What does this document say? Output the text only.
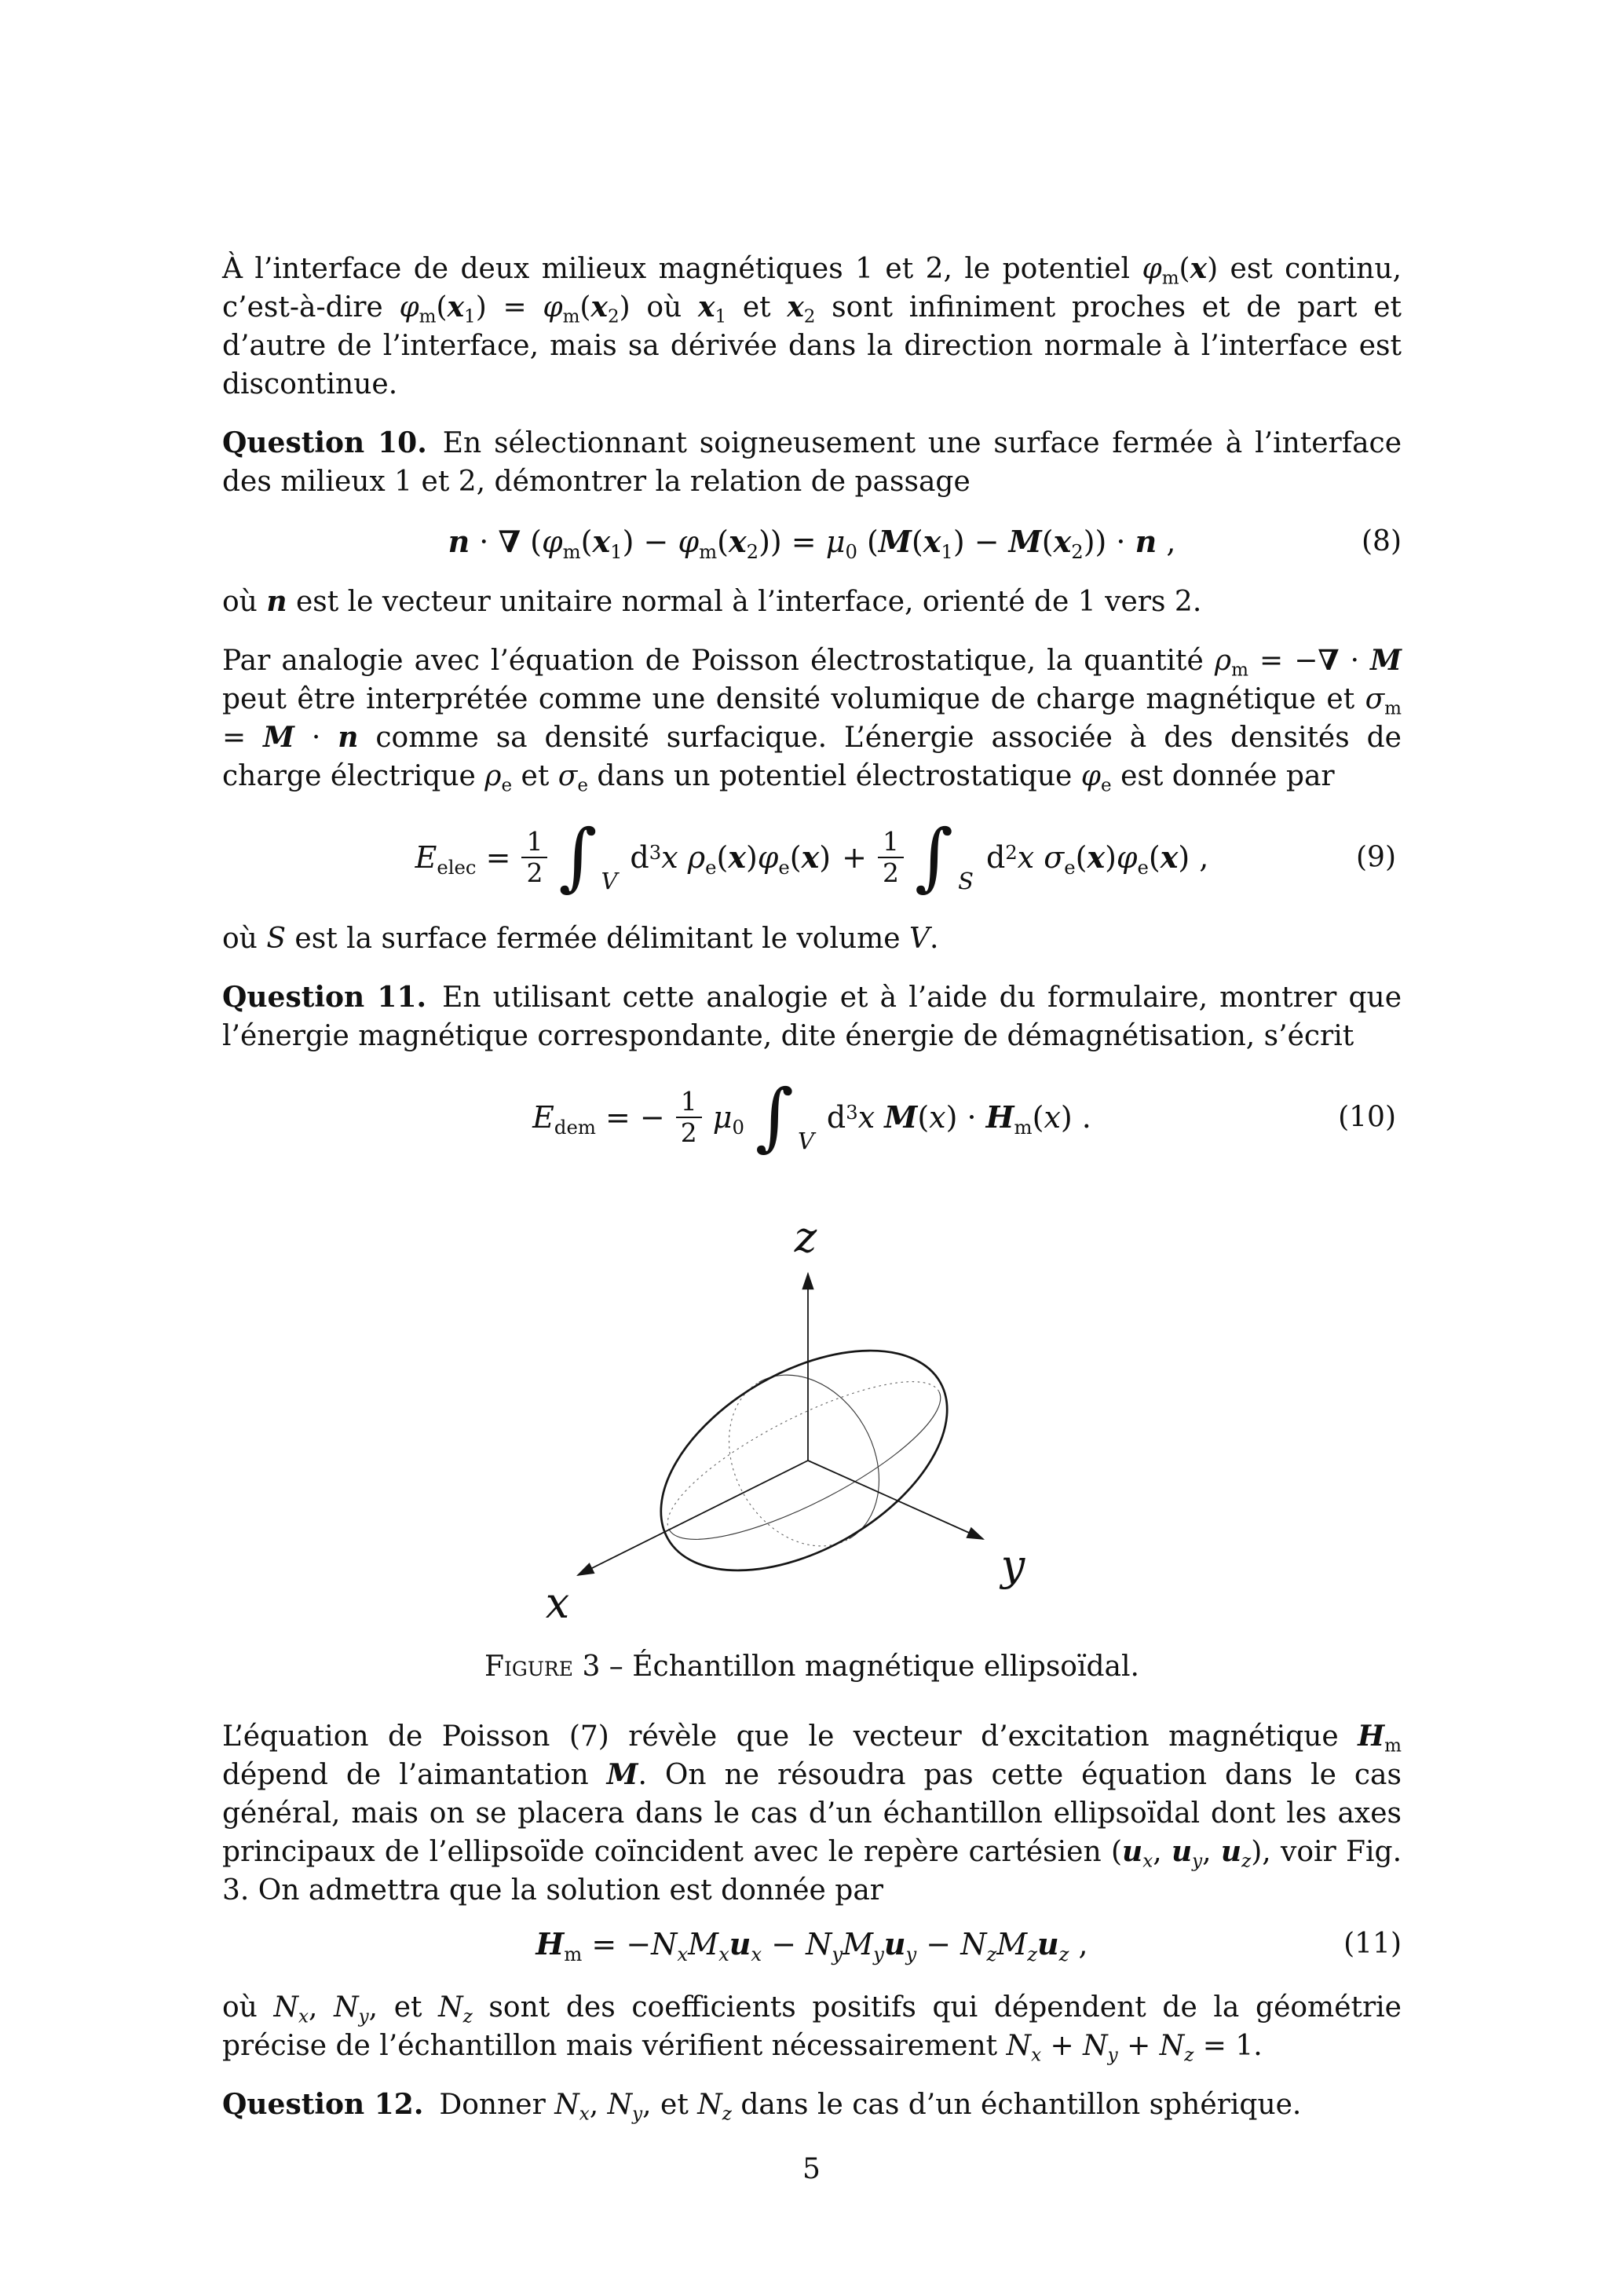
À l’interface de deux milieux magnétiques 1 et 2, le potentiel $\varphi_m(x)$ est continu, c’est-à-dire $\varphi_m(x_1) = \varphi_m(x_2)$ où $x_1$ et $x_2$ sont infiniment proches et de part et d’autre de l’interface, mais sa dérivée dans la direction normale à l’interface est discontinue.

Question 10. En sélectionnant soigneusement une surface fermée à l’interface des milieux 1 et 2, démontrer la relation de passage

n · ∇ $(\varphi_m(x_1) - \varphi_m(x_2)) = \mu_0$ $(M(x_1) - M(x_2)) \cdot n$ ,	(8)

où n est le vecteur unitaire normal à l’interface, orienté de 1 vers 2.

Par analogie avec l’équation de Poisson électrostatique, la quantité $\rho_m$ = −∇ · M peut être interprétée comme une densité volumique de charge magnétique et $\sigma_m = M \cdot n$ comme sa densité surfacique. L’énergie associée à des densités de charge électrique $\rho_e$ et $\sigma_e$ dans un potentiel électrostatique $\varphi_e$ est donnée par

$E_{elec} = \frac{1}{2}$ ∫ V
$d^3x$ $\rho_e(x)\varphi_e(x) + \frac{1}{2}$ ∫ S
$d^2x$ $\sigma_e(x)\varphi_e(x)$ ,	(9)

où S est la surface fermée délimitant le volume V.

Question 11. En utilisant cette analogie et à l’aide du formulaire, montrer que l’énergie magnétique correspondante, dite énergie de démagnétisation, s’écrit

$E_{dem}$ = − $\frac{1}{2} \mu_0$ ∫ V
$d^3x$ $M(x) \cdot H_m(x)$ .	(10)
z
x
y
Figure 3 – Échantillon magnétique ellipsoïdal.

L’équation de Poisson (7) révèle que le vecteur d’excitation magnétique $H_m$ dépend de l’aimantation M. On ne résoudra pas cette équation dans le cas général, mais on se placera dans le cas d’un échantillon ellipsoïdal dont les axes principaux de l’ellipsoïde coïncident avec le repère cartésien ($u_x$, $u_y$, $u_z$), voir Fig. 3. On admettra que la solution est donnée par

$H_m = -N_xM_xu_x - N_yM_yu_y - N_zM_zu_z$ ,	(11)

où $N_x$, $N_y$, et $N_z$ sont des coefficients positifs qui dépendent de la géométrie précise de l’échantillon mais vérifient nécessairement $N_x + N_y + N_z = 1$.

Question 12. Donner $N_x$, $N_y$, et $N_z$ dans le cas d’un échantillon sphérique.

5
